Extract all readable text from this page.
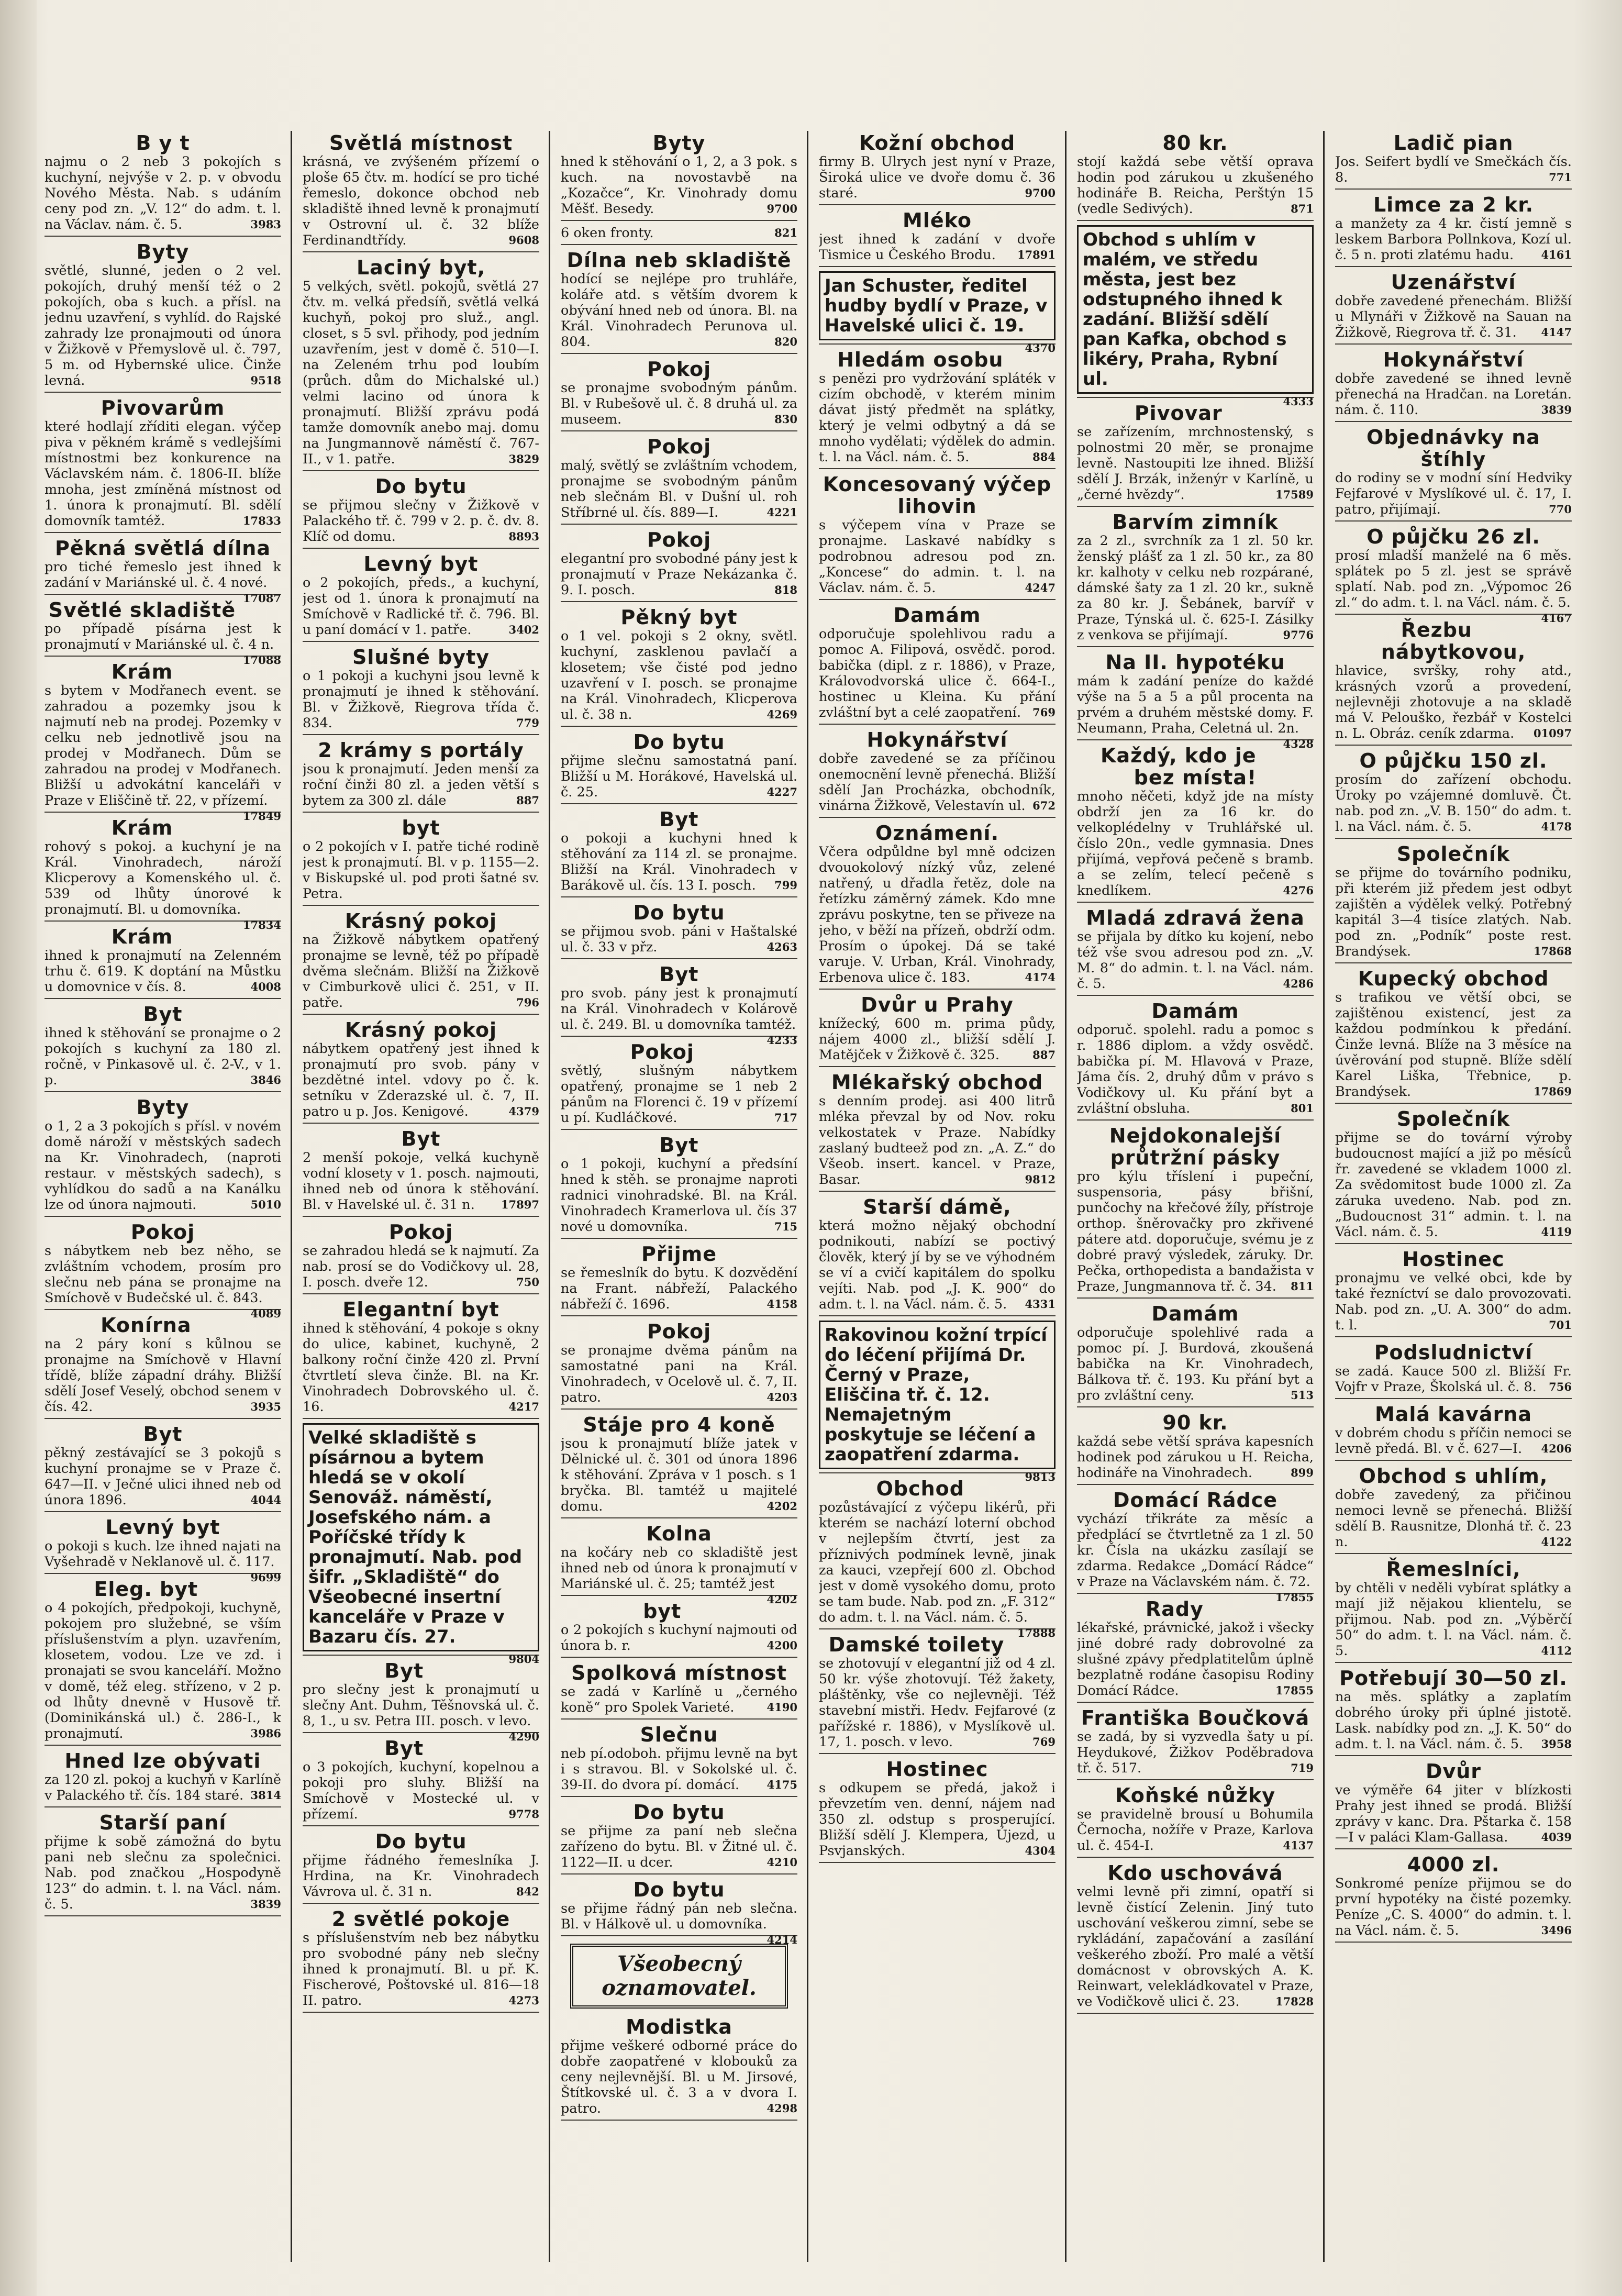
B y t

najmu o 2 neb 3 pokojích s kuchyní, nejvýše v 2. p. v obvodu Nového Města. Nab. s udáním ceny pod zn. „V. 12“ do adm. t. l. na Václav. nám. č. 5.	3983

Byty

světlé, slunné, jeden o 2 vel. pokojích, druhý menší též o 2 pokojích, oba s kuch. a přísl. na jednu uzavření, s vyhlíd. do Rajské zahrady lze pronajmouti od února v Žižkově v Přemyslově ul. č. 797, 5 m. od Hybernské ulice. Činže levná.	9518

Pivovarům

které hodlají zříditi elegan. výčep piva v pěkném krámě s vedlejšími místnostmi bez konkurence na Václavském nám. č. 1806-II. blíže mnoha, jest zmíněná místnost od 1. února k pronajmutí. Bl. sdělí domovník tamtéž.	17833

Pěkná světlá dílna

pro tiché řemeslo jest ihned k zadání v Mariánské ul. č. 4 nové.
17087

Světlé skladiště

po případě písárna jest k pronajmutí v Mariánské ul. č. 4 n.
17088

Krám

s bytem v Modřanech event. se zahradou a pozemky jsou k najmutí neb na prodej. Pozemky v celku neb jednotlivě jsou na prodej v Modřanech. Dům se zahradou na prodej v Modřanech. Bližší u advokátní kanceláři v Praze v Eliščině tř. 22, v přízemí.
17849

Krám

rohový s pokoj. a kuchyní je na Král. Vinohradech, nároží Klicperovy a Komenského ul. č. 539 od lhůty únorové k pronajmutí. Bl. u domovníka.
17834

Krám

ihned k pronajmutí na Zelenném trhu č. 619. K doptání na Můstku u domovnice v čís. 8.	4008

Byt

ihned k stěhování se pronajme o 2 pokojích s kuchyní za 180 zl. ročně, v Pinkasově ul. č. 2-V., v 1. p.	3846

Byty

o 1, 2 a 3 pokojích s přísl. v novém domě nároží v městských sadech na Kr. Vinohradech, (naproti restaur. v městských sadech), s vyhlídkou do sadů a na Kanálku lze od února najmouti.	5010

Pokoj

s nábytkem neb bez něho, se zvláštním vchodem, prosím pro slečnu neb pána se pronajme na Smíchově v Budečské ul. č. 843.
4089

Konírna

na 2 páry koní s kůlnou se pronajme na Smíchově v Hlavní třídě, blíže západní dráhy. Bližší sdělí Josef Veselý, obchod senem v čís. 42.	3935

Byt

pěkný zestávající se 3 pokojů s kuchyní pronajme se v Praze č. 647—II. v Ječné ulici ihned neb od února 1896.	4044

Levný byt

o pokoji s kuch. lze ihned najati na Vyšehradě v Neklanově ul. č. 117.
9699

Eleg. byt

o 4 pokojích, předpokoji, kuchyně, pokojem pro služebné, se vším příslušenstvím a plyn. uzavřením, klosetem, vodou. Lze ve zd. i pronajati se svou kanceláří. Možno v domě, též eleg. střízeno, v 2 p. od lhůty dnevně v Husově tř. (Dominikánská ul.) č. 286-I., k pronajmutí.	3986

Hned lze obývati

za 120 zl. pokoj a kuchyň v Karlíně v Palackého tř. čís. 184 staré. 3814

Starší paní

přijme k sobě zámožná do bytu pani neb slečnu za společnici. Nab. pod značkou „Hospodyně 123“ do admin. t. l. na Václ. nám. č. 5.	3839

Světlá místnost

krásná, ve zvýšeném přízemí o ploše 65 čtv. m. hodící se pro tiché řemeslo, dokonce obchod neb skladiště ihned levně k pronajmutí v Ostrovní ul. č. 32 blíže Ferdinandtřídy.	9608

Laciný byt,

5 velkých, světl. pokojů, světlá 27 čtv. m. velká předsíň, světlá velká kuchyň, pokoj pro služ., angl. closet, s 5 svl. přihody, pod jedním uzavřením, jest v domě č. 510—I. na Zeleném trhu pod loubím (průch. dům do Michalské ul.) velmi lacino od února k pronajmutí. Bližší zprávu podá tamže domovník anebo maj. domu na Jungmannově náměstí č. 767-II., v 1. patře.	3829

Do bytu

se přijmou slečny v Žižkově v Palackého tř. č. 799 v 2. p. č. dv. 8. Klíč od domu.	8893

Levný byt

o 2 pokojích, předs., a kuchyní, jest od 1. února k pronajmutí na Smíchově v Radlické tř. č. 796. Bl. u paní domácí v 1. patře.	3402

Slušné byty

o 1 pokoji a kuchyni jsou levně k pronajmutí je ihned k stěhování. Bl. v Žižkově, Riegrova třída č. 834.	779

2 krámy s portály

jsou k pronajmutí. Jeden menší za roční činži 80 zl. a jeden větší s bytem za 300 zl. dále	887

byt

o 2 pokojích v I. patře tiché rodině jest k pronajmutí. Bl. v p. 1155—2. v Biskupské ul. pod proti šatné sv. Petra.

Krásný pokoj

na Žižkově nábytkem opatřený pronajme se levně, též po případě dvěma slečnám. Bližší na Žižkově v Cimburkově ulici č. 251, v II. patře.	796

Krásný pokoj

nábytkem opatřený jest ihned k pronajmutí pro svob. pány v bezdětné intel. vdovy po č. k. setníku v Zderazské ul. č. 7, II. patro u p. Jos. Kenigové.	4379

Byt

2 menší pokoje, velká kuchyně vodní klosety v 1. posch. najmouti, ihned neb od února k stěhování. Bl. v Havelské ul. č. 31 n. 17897

Pokoj

se zahradou hledá se k najmutí. Za nab. prosí se do Vodičkovy ul. 28, I. posch. dveře 12.	750

Elegantní byt

ihned k stěhování, 4 pokoje s okny do ulice, kabinet, kuchyně, 2 balkony roční činže 420 zl. První čtvrtletí sleva činže. Bl. na Kr. Vinohradech Dobrovského ul. č. 16.	4217

Velké skladiště s písárnou a bytem hledá se v okolí Senováž. náměstí, Josefského nám. a Poříčské třídy k pronajmutí. Nab. pod šifr. „Skladiště“ do Všeobecné insertní kanceláře v Praze v Bazaru čís. 27.

9804

Byt

pro slečny jest k pronajmutí u slečny Ant. Duhm, Těšnovská ul. č. 8, 1., u sv. Petra III. posch. v levo.
4290

Byt

o 3 pokojích, kuchyní, kopelnou a pokoji pro sluhy. Bližší na Smíchově v Mostecké ul. v přízemí.	9778

Do bytu

přijme řádného řemeslníka J. Hrdina, na Kr. Vinohradech Vávrova ul. č. 31 n.	842

2 světlé pokoje

s příslušenstvím neb bez nábytku pro svobodné pány neb slečny ihned k pronajmutí. Bl. u př. K. Fischerové, Poštovské ul. 816—18 II. patro.	4273

Byty

hned k stěhování o 1, 2, a 3 pok. s kuch. na novostavbě na „Kozačce“, Kr. Vinohrady domu Měšť. Besedy.	9700

6 oken fronty.	821

Dílna neb skladiště

hodící se nejlépe pro truhláře, koláře atd. s větším dvorem k obývání hned neb od února. Bl. na Král. Vinohradech Perunova ul. 804.	820

Pokoj

se pronajme svobodným pánům. Bl. v Rubešově ul. č. 8 druhá ul. za museem.	830

Pokoj

malý, světlý se zvláštním vchodem, pronajme se svobodným pánům neb slečnám Bl. v Dušní ul. roh Stříbrné ul. čís. 889—I.	4221

Pokoj

elegantní pro svobodné pány jest k pronajmutí v Praze Nekázanka č. 9. I. posch.	818

Pěkný byt

o 1 vel. pokoji s 2 okny, světl. kuchyní, zasklenou pavlačí a klosetem; vše čisté pod jedno uzavření v I. posch. se pronajme na Král. Vinohradech, Klicperova ul. č. 38 n.	4269

Do bytu

přijme slečnu samostatná paní. Bližší u M. Horákové, Havelská ul. č. 25.	4227

Byt

o pokoji a kuchyni hned k stěhování za 114 zl. se pronajme. Bližší na Král. Vinohradech v Barákově ul. čís. 13 I. posch. 799

Do bytu

se přijmou svob. páni v Haštalské ul. č. 33 v přz.	4263

Byt

pro svob. pány jest k pronajmutí na Král. Vinohradech v Kolárově ul. č. 249. Bl. u domovníka tamtéž.
4233

Pokoj

světlý, slušným nábytkem opatřený, pronajme se 1 neb 2 pánům na Florenci č. 19 v přízemí u pí. Kudláčkové.	717

Byt

o 1 pokoji, kuchyní a předsíní hned k stěh. se pronajme naproti radnici vinohradské. Bl. na Král. Vinohradech Kramerlova ul. čís 37 nové u domovníka.	715

Přijme

se řemeslník do bytu. K dozvědění na Frant. nábřeží, Palackého nábřeží č. 1696.	4158

Pokoj

se pronajme dvěma pánům na samostatné pani na Král. Vinohradech, v Ocelově ul. č. 7, II. patro.	4203

Stáje pro 4 koně

jsou k pronajmutí blíže jatek v Dělnické ul. č. 301 od února 1896 k stěhování. Zpráva v 1 posch. s 1 bryčka. Bl. tamtéž u majitelé domu.	4202

Kolna

na kočáry neb co skladiště jest ihned neb od února k pronajmutí v Mariánské ul. č. 25; tamtéž jest
4202

byt

o 2 pokojích s kuchyní najmouti od února b. r.	4200

Spolková místnost

se zadá v Karlíně u „černého koně“ pro Spolek Varieté.	4190

Slečnu

neb pí.odoboh. přijmu levně na byt i s stravou. Bl. v Sokolské ul. č. 39-II. do dvora pí. domácí. 4175

Do bytu

se přijme za paní neb slečna zařízeno do bytu. Bl. v Žitné ul. č. 1122—II. u dcer.	4210

Do bytu

se přijme řádný pán neb slečna. Bl. v Hálkově ul. u domovníka.
4214

Všeobecný oznamovatel.
Modistka

přijme veškeré odborné práce do dobře zaopatřené v klobouků za ceny nejlevnější. Bl. u M. Jirsové, Štítkovské ul. č. 3 a v dvora I. patro.	4298

Kožní obchod

firmy B. Ulrych jest nyní v Praze, Široká ulice ve dvoře domu č. 36 staré.	9700

Mléko

jest ihned k zadání v dvoře Tismice u Českého Brodu. 17891

Jan Schuster, ředitel hudby bydlí v Praze, v Havelské ulici č. 19.

4370

Hledám osobu

s penězi pro vydržování spláték v cizím obchodě, v kterém minim dávat jistý předmět na splátky, který je velmi odbytný a dá se mnoho vydělati; výdělek do admin. t. l. na Václ. nám. č. 5.	884

Koncesovaný výčep lihovin

s výčepem vína v Praze se pronajme. Laskavé nabídky s podrobnou adresou pod zn. „Koncese“ do admin. t. l. na Václav. nám. č. 5.	4247

Damám

odporučuje spolehlivou radu a pomoc A. Filipová, osvědč. porod. babička (dipl. z r. 1886), v Praze, Královodvorská ulice č. 664-I., hostinec u Kleina. Ku přání zvláštní byt a celé zaopatření. 769

Hokynářství

dobře zavedené se za příčinou onemocnění levně přenechá. Bližší sdělí Jan Procházka, obchodník, vinárna Žižkově, Velestavín ul. 672

Oznámení.

Včera odpůldne byl mně odcizen dvouokolový nízký vůz, zelené natřený, u dřadla řetěz, dole na řetízku záměrný zámek. Kdo mne zprávu poskytne, ten se přiveze na jeho, v běží na přízeň, obdrží odm. Prosím o úpokej. Dá se také varuje. V. Urban, Král. Vinohrady, Erbenova ulice č. 183.	4174

Dvůr u Prahy

knížecký, 600 m. prima půdy, nájem 4000 zl., bližší sdělí J. Matějček v Žižkově č. 325.	887

Mlékařský obchod

s denním prodej. asi 400 litrů mléka převzal by od Nov. roku velkostatek v Praze. Nabídky zaslaný budteež pod zn. „A. Z.“ do Všeob. insert. kancel. v Praze, Basar.	9812

Starší dámě,

která možno nějaký obchodní podnikouti, nabízí se poctivý člověk, který jí by se ve výhodném se ví a cvičí kapitálem do spolku vejíti. Nab. pod „J. K. 900“ do adm. t. l. na Václ. nám. č. 5. 4331

Rakovinou kožní trpící do léčení přijímá Dr. Černý v Praze, Eliščina tř. č. 12. Nemajetným poskytuje se léčení a zaopatření zdarma.

9813

Obchod

pozůstávající z výčepu likérů, při kterém se nachází loterní obchod v nejlepším čtvrtí, jest za příznivých podmínek levně, jinak za kauci, vzepřejí 600 zl. Obchod jest v domě vysokého domu, proto se tam bude. Nab. pod zn. „F. 312“ do adm. t. l. na Václ. nám. č. 5.
17888

Damské toilety

se zhotovují v elegantní již od 4 zl. 50 kr. výše zhotovují. Též žakety, pláštěnky, vše co nejlevněji. Též stavební mistři. Hedv. Fejfarové (z pařížské r. 1886), v Myslíkově ul. 17, 1. posch. v levo.	769

Hostinec

s odkupem se předá, jakož i převzetím ven. denní, nájem nad 350 zl. odstup s prosperující. Bližší sdělí J. Klempera, Újezd, u Psvjanských.	4304

80 kr.

stojí každá sebe větší oprava hodin pod zárukou u zkušeného hodináře B. Reicha, Perštýn 15 (vedle Sedivých).	871

Obchod s uhlím v malém, ve středu města, jest bez odstupného ihned k zadání. Bližší sdělí pan Kafka, obchod s likéry, Praha, Rybní ul.

4333

Pivovar

se zařízením, mrchnostenský, s polnostmi 20 měr, se pronajme levně. Nastoupiti lze ihned. Bližší sdělí J. Brzák, inženýr v Karlíně, u „černé hvězdy“.	17589

Barvím zimník

za 2 zl., svrchník za 1 zl. 50 kr. ženský plášť za 1 zl. 50 kr., za 80 kr. kalhoty v celku neb rozpárané, dámské šaty za 1 zl. 20 kr., sukně za 80 kr. J. Šebánek, barvíř v Praze, Týnská ul. č. 625-I. Zásilky z venkova se přijímají.	9776

Na II. hypotéku

mám k zadání peníze do každé výše na 5 a 5 a půl procenta na prvém a druhém městské domy. F. Neumann, Praha, Celetná ul. 2n.
4328

Každý, kdo je bez místa!

mnoho něčeti, když jde na místy obdrží jen za 16 kr. do velkoplédelny v Truhlářské ul. číslo 20n., vedle gymnasia. Dnes přijímá, vepřová pečeně s bramb. a se zelím, telecí pečeně s knedlíkem.	4276

Mladá zdravá žena

se přijala by dítko ku kojení, nebo též vše svou adresou pod zn. „V. M. 8“ do admin. t. l. na Václ. nám. č. 5.	4286

Damám

odporuč. spolehl. radu a pomoc s r. 1886 diplom. a vždy osvědč. babička pí. M. Hlavová v Praze, Jáma čís. 2, druhý dům v právo s Vodičkovy ul. Ku přání byt a zvláštní obsluha.	801

Nejdokonalejší průtržní pásky

pro kýlu tříslení i pupeční, suspensoria, pásy břišní, punčochy na křečové žíly, přístroje orthop. šněrovačky pro zkřivené pátere atd. doporučuje, svému je z dobré pravý výsledek, záruky. Dr. Pečka, orthopedista a bandažista v Praze, Jungmannova tř. č. 34. 811

Damám

odporučuje spolehlivé rada a pomoc pí. J. Burdová, zkoušená babička na Kr. Vinohradech, Bálkova tř. č. 193. Ku přání byt a pro zvláštní ceny.	513

90 kr.

každá sebe větší správa kapesních hodinek pod zárukou u H. Reicha, hodináře na Vinohradech.	899

Domácí Rádce

vychází třikráte za měsíc a předplácí se čtvrtletně za 1 zl. 50 kr. Čísla na ukázku zasílají se zdarma. Redakce „Domácí Rádce“ v Praze na Václavském nám. č. 72.
17855

Rady

lékařské, právnické, jakož i všecky jiné dobré rady dobrovolné za slušné zpávy předplatitelům úplně bezplatně rodáne časopisu Rodiny Domácí Rádce.	17855

Františka Boučková

se zadá, by si vyzvedla šaty u pí. Heydukové, Žižkov Poděbradova tř. č. 517.	719

Koňské nůžky

se pravidelně brousí u Bohumila Černocha, nožíře v Praze, Karlova ul. č. 454-I.	4137

Kdo uschovává

velmi levně při zimní, opatří si levně čistící Zelenin. Jiný tuto uschování veškerou zimní, sebe se rykládání, zapačování a zasílání veškerého zboží. Pro malé a větší domácnost v obrovských A. K. Reinwart, velekládkovatel v Praze, ve Vodičkově ulici č. 23.	17828

Ladič pian

Jos. Seifert bydlí ve Smečkách čís. 8.	771

Limce za 2 kr.

a manžety za 4 kr. čistí jemně s leskem Barbora Pollnkova, Kozí ul. č. 5 n. proti zlatému hadu. 4161

Uzenářství

dobře zavedené přenechám. Bližší u Mlynáři v Žižkově na Sauan na Žižkově, Riegrova tř. č. 31. 4147

Hokynářství

dobře zavedené se ihned levně přenechá na Hradčan. na Loretán. nám. č. 110.	3839

Objednávky na štíhly

do rodiny se v modní síní Hedviky Fejfarové v Myslíkové ul. č. 17, I. patro, přijímají.	770

O půjčku 26 zl.

prosí mladší manželé na 6 měs. splátek po 5 zl. jest se správě splatí. Nab. pod zn. „Výpomoc 26 zl.“ do adm. t. l. na Václ. nám. č. 5.
4167

Řezbu nábytkovou,

hlavice, svršky, rohy atd., krásných vzorů a provedení, nejlevněji zhotovuje a na skladě má V. Pelouško, řezbář v Kostelci n. L. Obráz. ceník zdarma. 01097

O půjčku 150 zl.

prosím do zařízení obchodu. Úroky po vzájemné domluvě. Čt. nab. pod zn. „V. B. 150“ do adm. t. l. na Václ. nám. č. 5.	4178

Společník

se přijme do továrního podniku, při kterém již předem jest odbyt zajištěn a výdělek velký. Potřebný kapitál 3—4 tisíce zlatých. Nab. pod zn. „Podník“ poste rest. Brandýsek.	17868

Kupecký obchod

s trafikou ve větší obci, se zajištěnou existencí, jest za každou podmínkou k předání. Činže levná. Blíže na 3 měsíce na úvěrování pod stupně. Blíže sdělí Karel Liška, Třebnice, p. Brandýsek.	17869

Společník

přijme se do tovární výroby budoucnost mající a již po měsíců řr. zavedené se vkladem 1000 zl. Za svědomitost bude 1000 zl. Za záruka uvedeno. Nab. pod zn. „Budoucnost 31“ admin. t. l. na Václ. nám. č. 5.	4119

Hostinec

pronajmu ve velké obci, kde by také řezníctví se dalo provozovati. Nab. pod zn. „U. A. 300“ do adm. t. l.	701

Podsludnictví

se zadá. Kauce 500 zl. Bližší Fr. Vojfr v Praze, Školská ul. č. 8. 756

Malá kavárna

v dobrém chodu s příčin nemoci se levně předá. Bl. v č. 627—I. 4206

Obchod s uhlím,

dobře zavedený, za přičinou nemoci levně se přenechá. Bližší sdělí B. Rausnitze, Dlonhá tř. č. 23 n.	4122

Řemeslníci,

by chtěli v neděli vybírat splátky a mají již nějakou klientelu, se přijmou. Nab. pod zn. „Výběrčí 50“ do adm. t. l. na Václ. nám. č. 5.	4112

Potřebují 30—50 zl.

na měs. splátky a zaplatím dobrého úroky při úplné jistotě. Lask. nabídky pod zn. „J. K. 50“ do adm. t. l. na Václ. nám. č. 5. 3958

Dvůr

ve výměře 64 jiter v blízkosti Prahy jest ihned se prodá. Bližší zprávy v kanc. Dra. Pštarka č. 158—I v paláci Klam-Gallasa.	4039

4000 zl.

Sonkromé peníze přijmou se do první hypotéky na čisté pozemky. Peníze „C. S. 4000“ do admin. t. l. na Václ. nám. č. 5.	3496
